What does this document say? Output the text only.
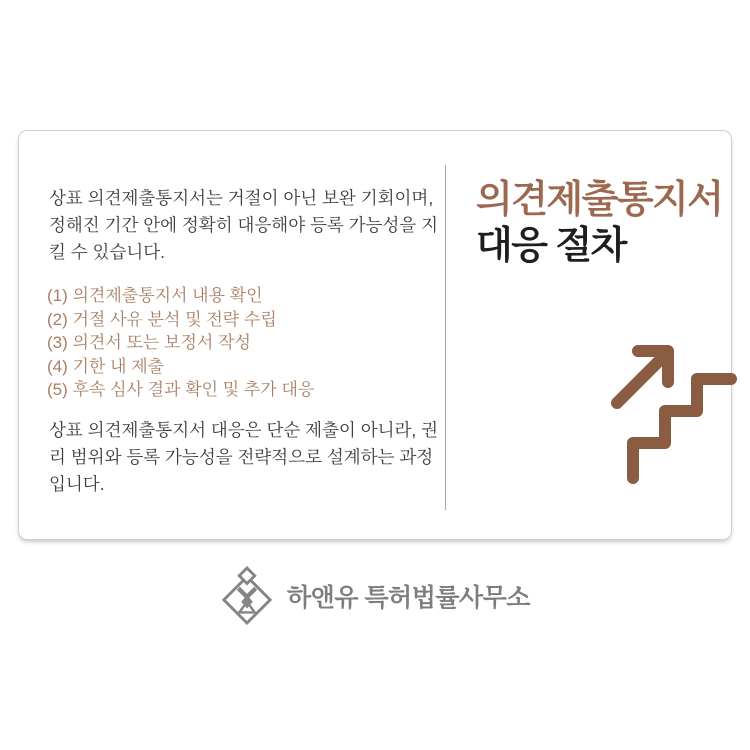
상표 의견제출통지서는 거절이 아닌 보완 기회이며, 정해진 기간 안에 정확히 대응해야 등록 가능성을 지킬 수 있습니다.

(1) 의견제출통지서 내용 확인
(2) 거절 사유 분석 및 전략 수립
(3) 의견서 또는 보정서 작성
(4) 기한 내 제출
(5) 후속 심사 결과 확인 및 추가 대응

상표 의견제출통지서 대응은 단순 제출이 아니라, 권리 범위와 등록 가능성을 전략적으로 설계하는 과정입니다.

의견제출통지서
대응 절차
하앤유 특허법률사무소
